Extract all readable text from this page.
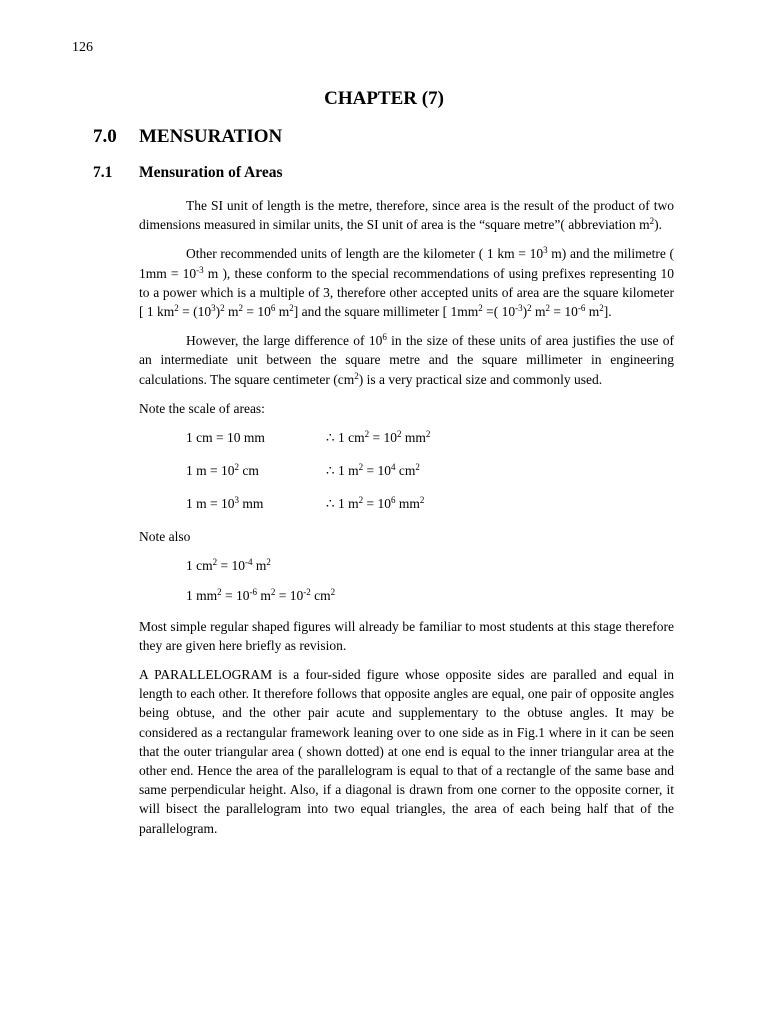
126
CHAPTER (7)
7.0 MENSURATION
7.1 Mensuration of Areas

The SI unit of length is the metre, therefore, since area is the result of the product of two dimensions measured in similar units, the SI unit of area is the “square metre”( abbreviation $m^2$).

Other recommended units of length are the kilometer ( 1 km = $10^3$ m) and the milimetre ( $1mm = 10^{-3}$ m ), these conform to the special recommendations of using prefixes representing 10 to a power which is a multiple of 3, therefore other accepted units of area are the square kilometer [ 1 $km^2 = (10^3)^2$ $m^2 = 10^6$ $m^2$] and the square millimeter [ $1mm^2$ =( $10^{-3})^2$ $m^2 = 10^{-6}$ $m^2$].

However, the large difference of $10^6$ in the size of these units of area justifies the use of an intermediate unit between the square metre and the square millimeter in engineering calculations. The square centimeter $(cm^2)$ is a very practical size and commonly used.

Note the scale of areas:

1 cm = 10 mm	∴ 1 $cm^2 = 10^2$ $mm^2$
1 $m = 10^2$ cm	∴ 1 $m^2 = 10^4$ $cm^2$
1 $m = 10^3$ mm	∴ 1 $m^2 = 10^6$ $mm^2$

Note also

1 $cm^2 = 10^{-4}$ $m^2$
1 $mm^2 = 10^{-6}$ $m^2 = 10^{-2}$ $cm^2$

Most simple regular shaped figures will already be familiar to most students at this stage therefore they are given here briefly as revision.

A PARALLELOGRAM is a four-sided figure whose opposite sides are paralled and equal in length to each other. It therefore follows that opposite angles are equal, one pair of opposite angles being obtuse, and the other pair acute and supplementary to the obtuse angles. It may be considered as a rectangular framework leaning over to one side as in Fig.1 where in it can be seen that the outer triangular area ( shown dotted) at one end is equal to the inner triangular area at the other end. Hence the area of the parallelogram is equal to that of a rectangle of the same base and same perpendicular height. Also, if a diagonal is drawn from one corner to the opposite corner, it will bisect the parallelogram into two equal triangles, the area of each being half that of the parallelogram.
